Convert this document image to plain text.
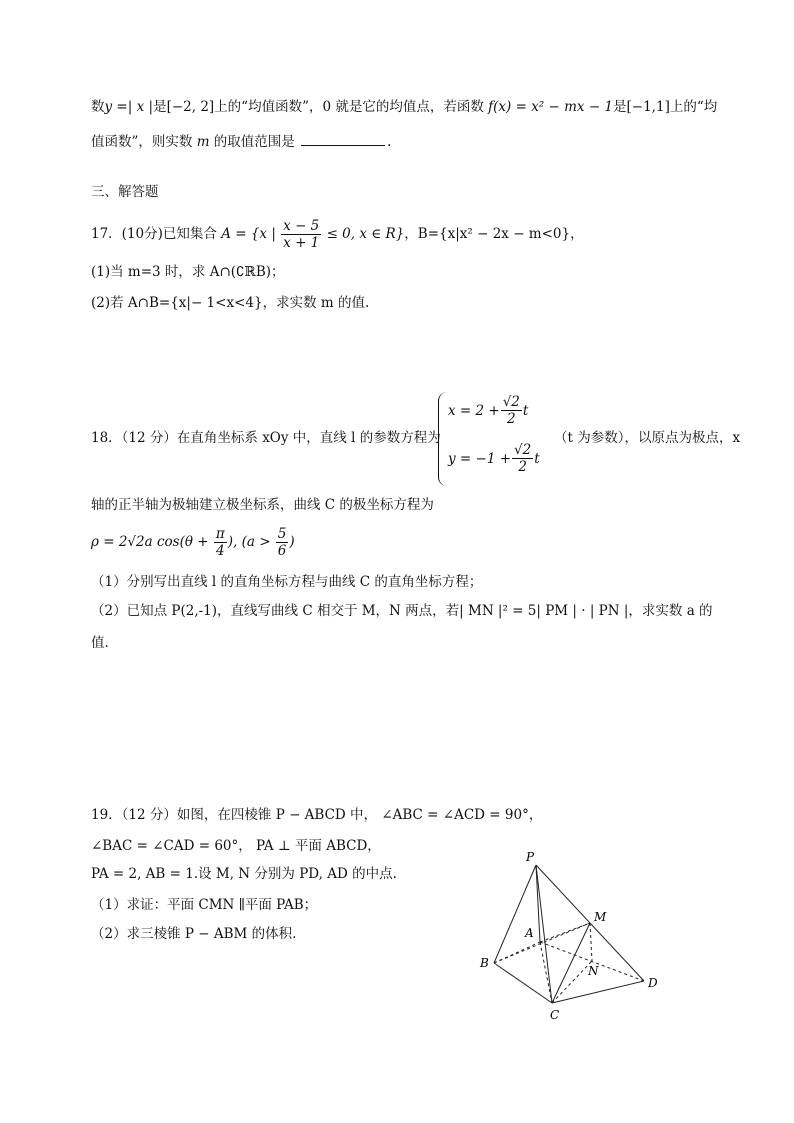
数y =| x |是[−2, 2]上的“均值函数”，0 就是它的均值点，若函数 f(x) = x² − mx − 1是[−1,1]上的“均
值函数”，则实数 m 的取值范围是	.
三、解答题
17．(10分)已知集合 A = {x | $\frac{x - 5}{x + 1} \le 0$, x ∈ R}，B={x|x² − 2x − m<0}，
(1)当 m=3 时，求 A∩(∁ℝB)；
(2)若 A∩B={x|− 1<x<4}，求实数 m 的值.
18．（12 分）在直角坐标系 xOy 中，直线 l 的参数方程为
$x = 2 + \frac{√2}{2}$ t
$y = -1 + \frac{√2}{2}$ t
（t 为参数），以原点为极点，x
轴的正半轴为极轴建立极坐标系，曲线 C 的极坐标方程为
ρ = 2√2a $\cos(\theta + \frac{\pi}{4}$ ), ($a > \frac{5}{6}$ )
（1）分别写出直线 l 的直角坐标方程与曲线 C 的直角坐标方程；
（2）已知点 P(2,-1)，直线写曲线 C 相交于 M，N 两点，若| MN |² = 5| PM | · | PN |，求实数 a 的
值.
19．（12 分）如图，在四棱锥 P − ABCD 中， ∠ABC = ∠ACD = 90°，
∠BAC = ∠CAD = 60°， PA ⊥ 平面 ABCD，
PA = 2, AB = 1.设 M, N 分别为 PD, AD 的中点.
（1）求证：平面 CMN ∥平面 PAB；
（2）求三棱锥 P − ABM 的体积.
P
M
A
B
N
D
C
